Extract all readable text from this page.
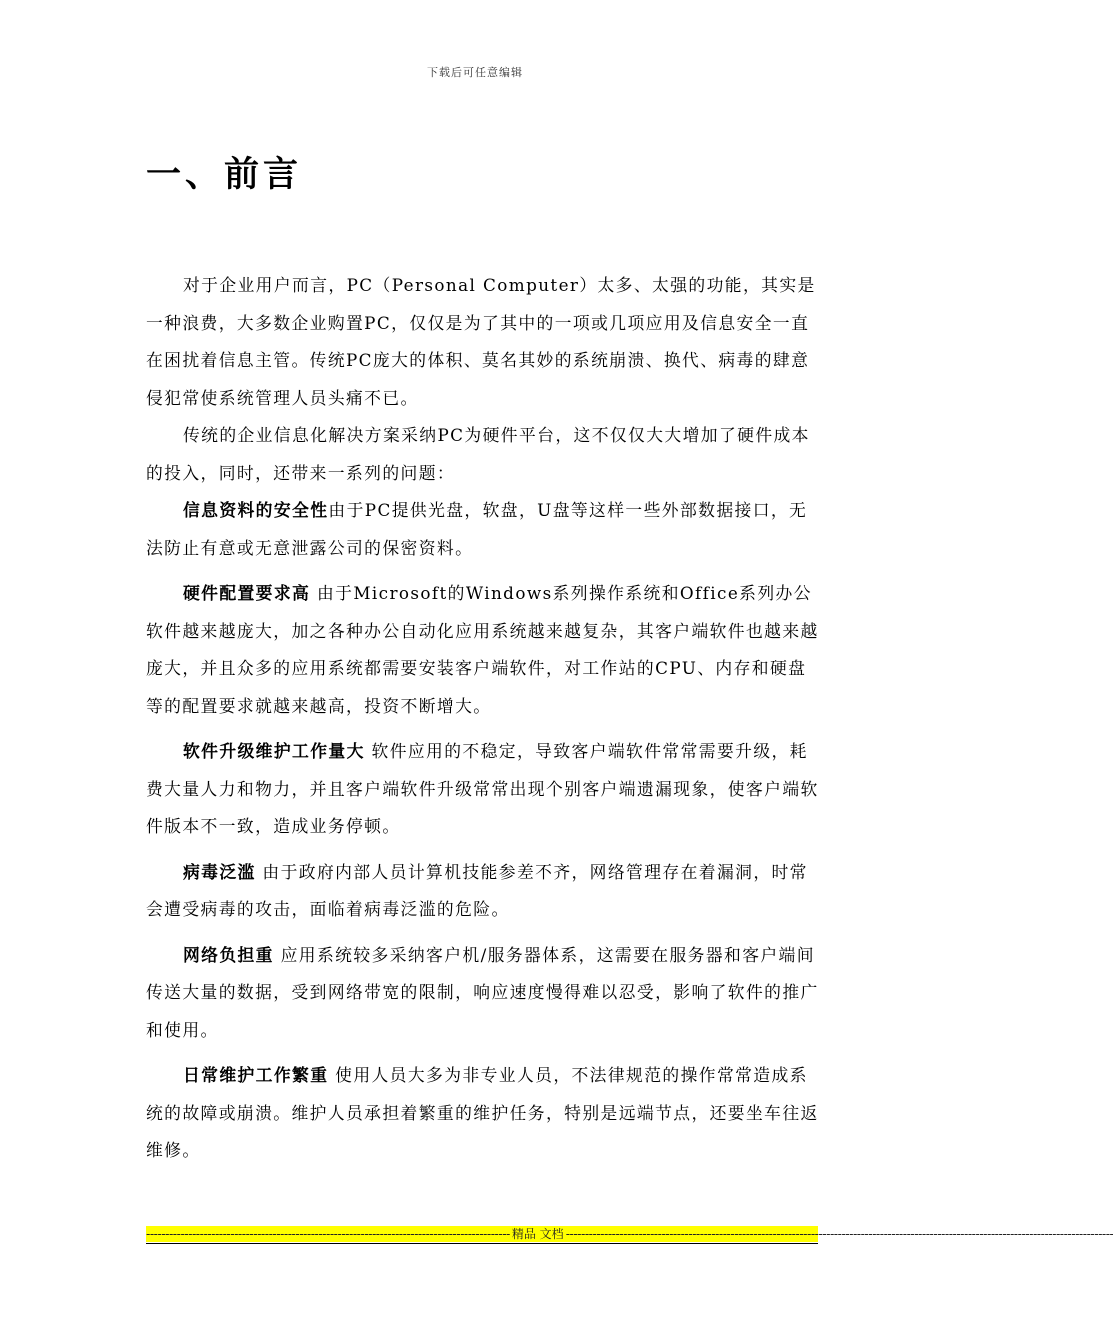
下载后可任意编辑
一、前言

对于企业用户而言，PC（Personal Computer）太多、太强的功能，其实是一种浪费，大多数企业购置PC，仅仅是为了其中的一项或几项应用及信息安全一直在困扰着信息主管。传统PC庞大的体积、莫名其妙的系统崩溃、换代、病毒的肆意侵犯常使系统管理人员头痛不已。

传统的企业信息化解决方案采纳PC为硬件平台，这不仅仅大大增加了硬件成本的投入，同时，还带来一系列的问题：

信息资料的安全性由于PC提供光盘，软盘，U盘等这样一些外部数据接口，无法防止有意或无意泄露公司的保密资料。

硬件配置要求高 由于Microsoft的Windows系列操作系统和Office系列办公软件越来越庞大，加之各种办公自动化应用系统越来越复杂，其客户端软件也越来越庞大，并且众多的应用系统都需要安装客户端软件，对工作站的CPU、内存和硬盘等的配置要求就越来越高，投资不断增大。

软件升级维护工作量大 软件应用的不稳定，导致客户端软件常常需要升级，耗费大量人力和物力，并且客户端软件升级常常出现个别客户端遗漏现象，使客户端软件版本不一致，造成业务停顿。

病毒泛滥 由于政府内部人员计算机技能参差不齐，网络管理存在着漏洞，时常会遭受病毒的攻击，面临着病毒泛滥的危险。

网络负担重 应用系统较多采纳客户机/服务器体系，这需要在服务器和客户端间传送大量的数据，受到网络带宽的限制，响应速度慢得难以忍受，影响了软件的推广和使用。

日常维护工作繁重 使用人员大多为非专业人员，不法律规范的操作常常造成系统的故障或崩溃。维护人员承担着繁重的维护任务，特别是远端节点，还要坐车往返维修。

----------------------------------------------------------------------------------------------- 精品 文档 -----------------------------------------------------------------------------------------------------------------------------------------------
